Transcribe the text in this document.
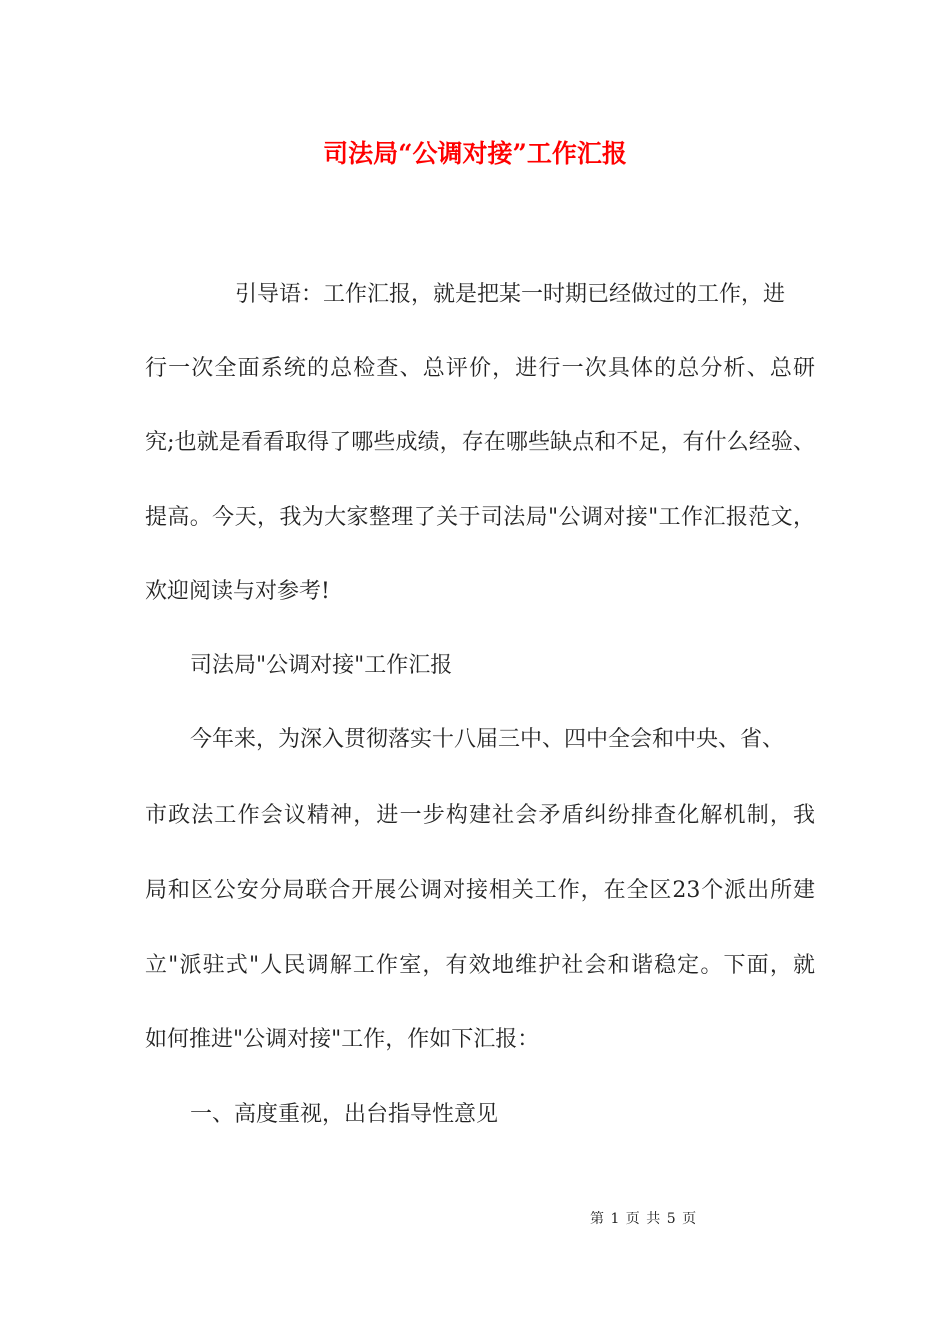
司法局“公调对接”工作汇报
引导语：工作汇报，就是把某一时期已经做过的工作，进
行一次全面系统的总检查、总评价，进行一次具体的总分析、总研
究;也就是看看取得了哪些成绩，存在哪些缺点和不足，有什么经验、
提高。今天，我为大家整理了关于司法局"公调对接"工作汇报范文，
欢迎阅读与对参考!
司法局"公调对接"工作汇报
今年来，为深入贯彻落实十八届三中、四中全会和中央、省、
市政法工作会议精神，进一步构建社会矛盾纠纷排查化解机制，我
局和区公安分局联合开展公调对接相关工作，在全区23个派出所建
立"派驻式"人民调解工作室，有效地维护社会和谐稳定。下面，就
如何推进"公调对接"工作，作如下汇报：
一、高度重视，出台指导性意见
第 1 页 共 5 页
